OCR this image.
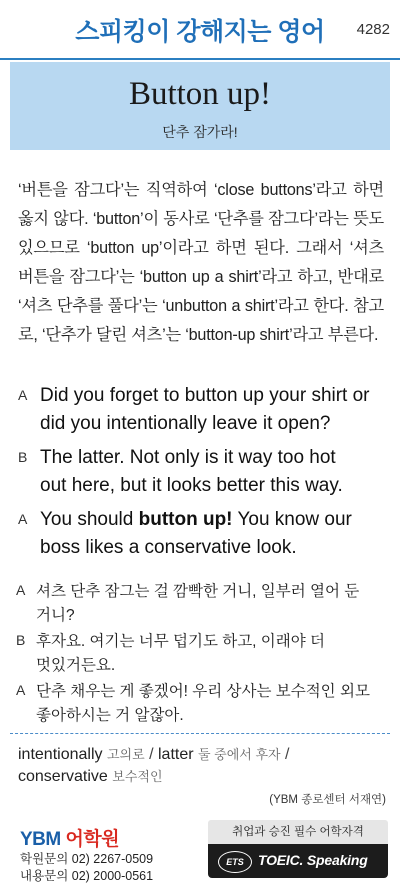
스피킹이 강해지는 영어	4282
Button up!
단추 잠가라!
‘버튼을 잠그다’는 직역하여 ‘close buttons’라고 하면 옳지 않다. ‘button’이 동사로 ‘단추를 잠그다’라는 뜻도 있으므로 ‘button up’이라고 하면 된다. 그래서 ‘셔츠 버튼을 잠그다’는 ‘button up a shirt’라고 하고, 반대로 ‘셔츠 단추를 풀다’는 ‘unbutton a shirt’라고 한다. 참고로, ‘단추가 달린 셔츠’는 ‘button-up shirt’라고 부른다.
A Did you forget to button up your shirt or
did you intentionally leave it open?
B The latter. Not only is it way too hot
out here, but it looks better this way.
A You should button up! You know our
boss likes a conservative look.
A 셔츠 단추 잠그는 걸 깜빡한 거니, 일부러 열어 둔
거니?
B 후자요. 여기는 너무 덥기도 하고, 이래야 더
멋있거든요.
A 단추 채우는 게 좋겠어! 우리 상사는 보수적인 외모
좋아하시는 거 알잖아.
intentionally 고의로 / latter 둘 중에서 후자 /
conservative 보수적인
(YBM 종로센터 서재연)
YBM 어학원
학원문의 02) 2267-0509
내용문의 02) 2000-0561
취업과 승진 필수 어학자격
ETS	TOEIC. Speaking
